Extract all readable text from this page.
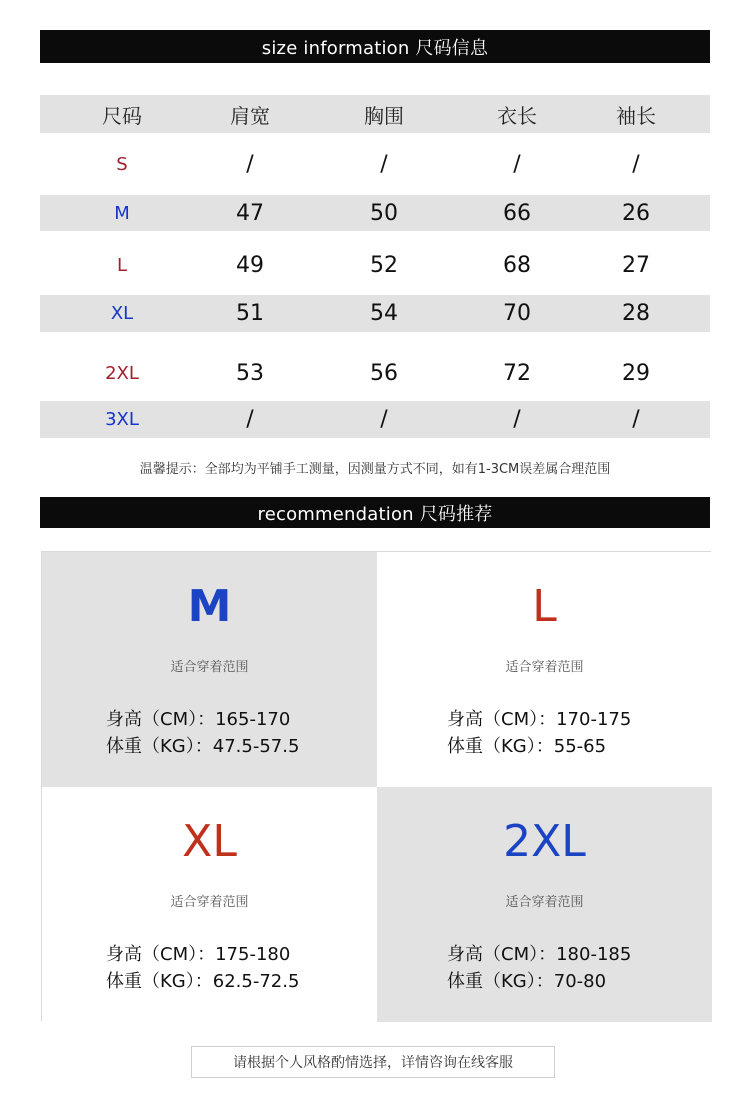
size information 尺码信息
尺码	肩宽	胸围	衣长	袖长
S	/	/	/	/
M	47	50	66	26
L	49	52	68	27
XL	51	54	70	28
2XL	53	56	72	29
3XL	/	/	/	/
温馨提示：全部均为平铺手工测量，因测量方式不同，如有1-3CM误差属合理范围
recommendation 尺码推荐
M
适合穿着范围
身高（CM）：165-170
体重（KG）：47.5-57.5
L
适合穿着范围
身高（CM）：170-175
体重（KG）：55-65
XL
适合穿着范围
身高（CM）：175-180
体重（KG）：62.5-72.5
2XL
适合穿着范围
身高（CM）：180-185
体重（KG）：70-80
请根据个人风格酌情选择，详情咨询在线客服
